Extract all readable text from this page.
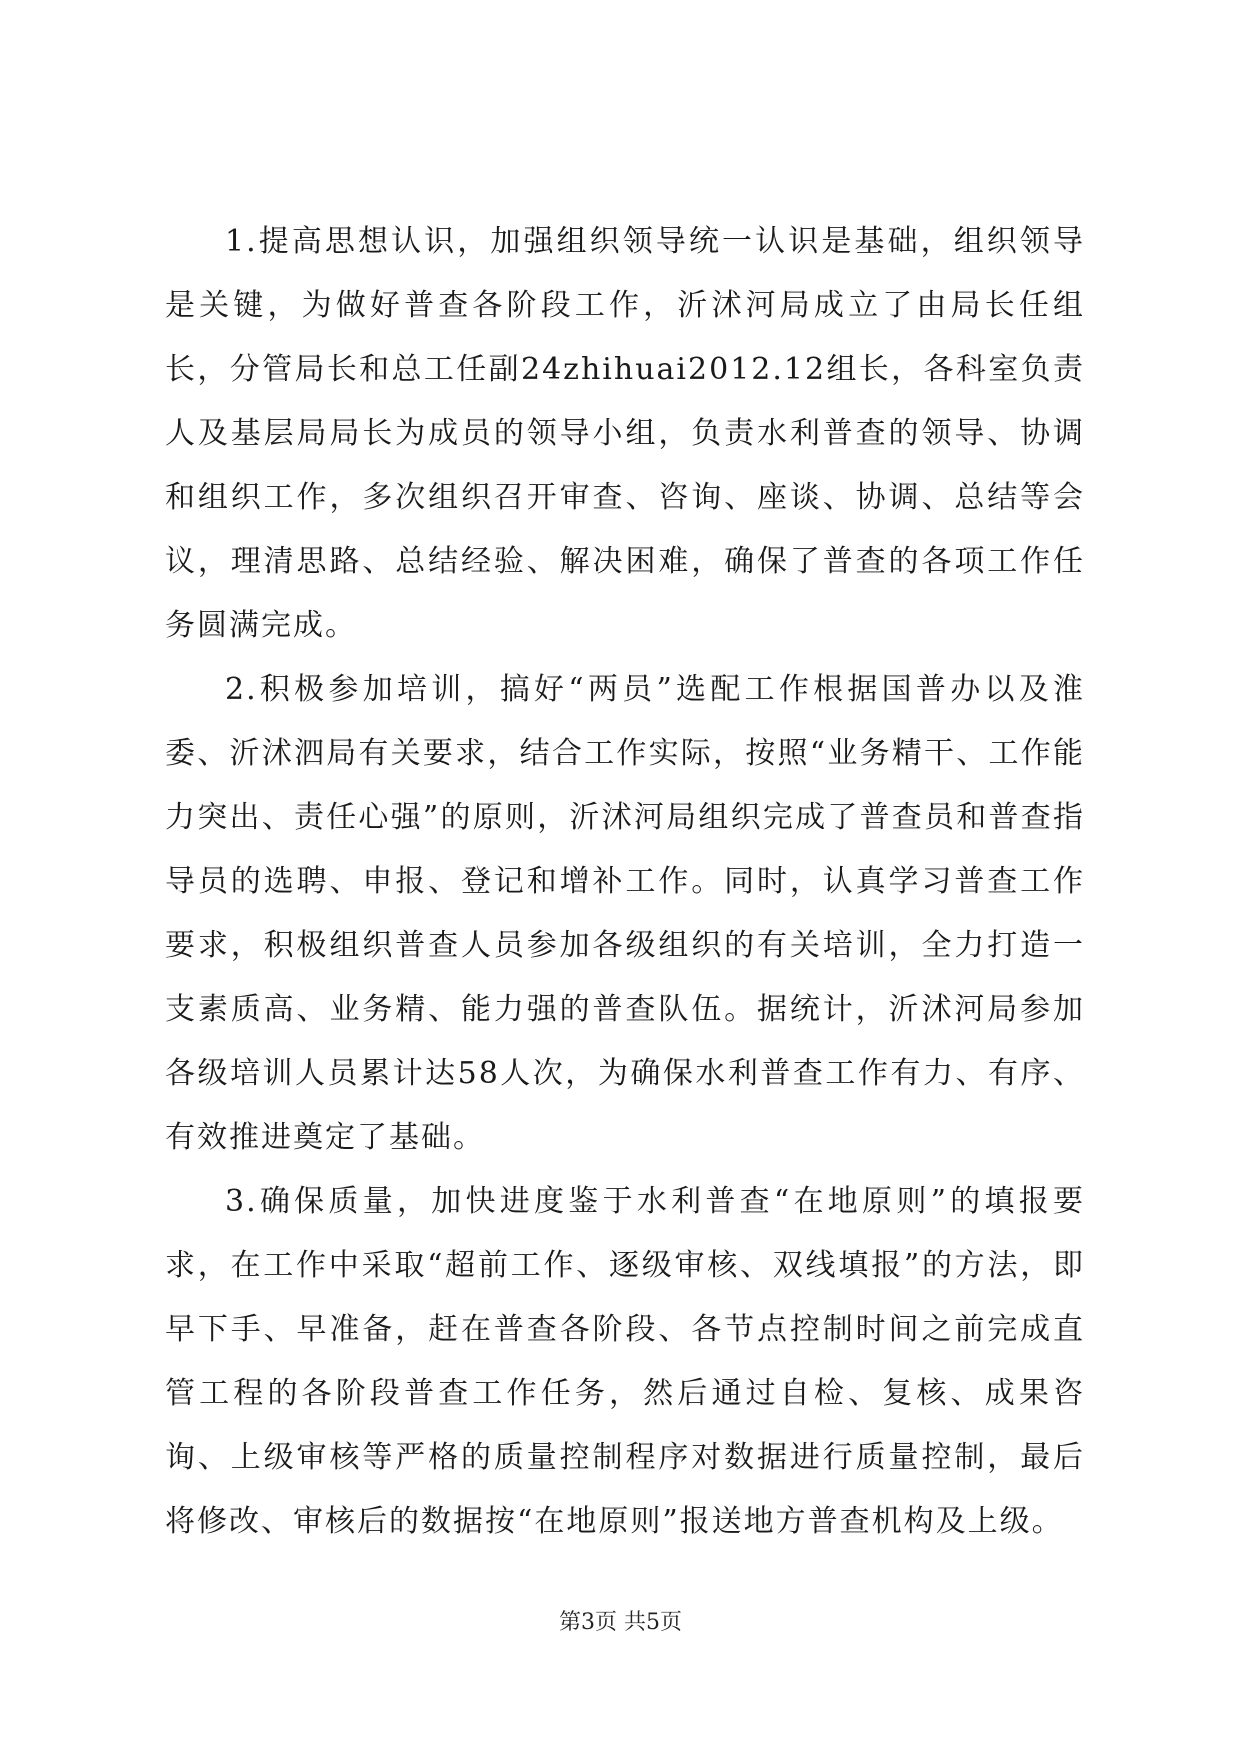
1.提高思想认识，加强组织领导统一认识是基础，组织领导是关键，为做好普查各阶段工作，沂沭河局成立了由局长任组长，分管局长和总工任副24zhihuai2012.12组长，各科室负责人及基层局局长为成员的领导小组，负责水利普查的领导、协调和组织工作，多次组织召开审查、咨询、座谈、协调、总结等会议，理清思路、总结经验、解决困难，确保了普查的各项工作任务圆满完成。

2.积极参加培训，搞好“两员”选配工作根据国普办以及淮委、沂沭泗局有关要求，结合工作实际，按照“业务精干、工作能力突出、责任心强”的原则，沂沭河局组织完成了普查员和普查指导员的选聘、申报、登记和增补工作。同时，认真学习普查工作要求，积极组织普查人员参加各级组织的有关培训，全力打造一支素质高、业务精、能力强的普查队伍。据统计，沂沭河局参加各级培训人员累计达58人次，为确保水利普查工作有力、有序、有效推进奠定了基础。

3.确保质量，加快进度鉴于水利普查“在地原则”的填报要求，在工作中采取“超前工作、逐级审核、双线填报”的方法，即早下手、早准备，赶在普查各阶段、各节点控制时间之前完成直管工程的各阶段普查工作任务，然后通过自检、复核、成果咨询、上级审核等严格的质量控制程序对数据进行质量控制，最后将修改、审核后的数据按“在地原则”报送地方普查机构及上级。

第3页 共5页
